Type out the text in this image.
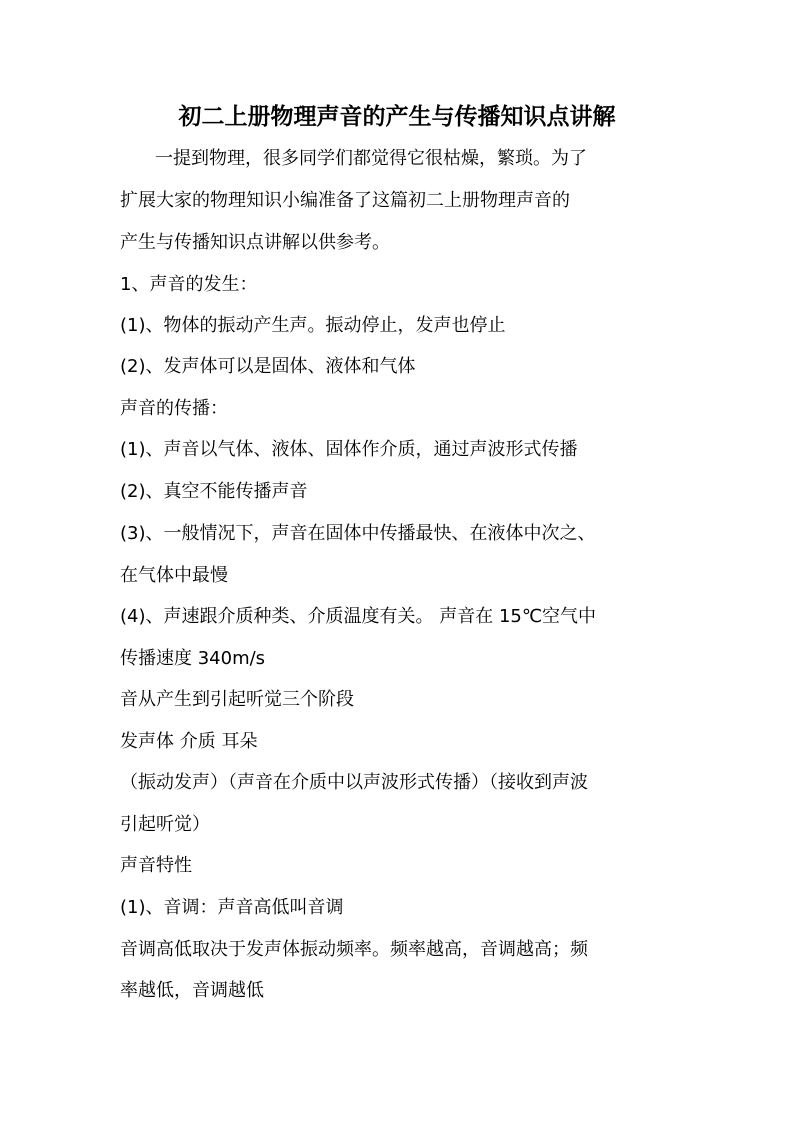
初二上册物理声音的产生与传播知识点讲解
一提到物理，很多同学们都觉得它很枯燥，繁琐。为了
扩展大家的物理知识小编准备了这篇初二上册物理声音的
产生与传播知识点讲解以供参考。
1、声音的发生：
(1)、物体的振动产生声。振动停止，发声也停止
(2)、发声体可以是固体、液体和气体
声音的传播：
(1)、声音以气体、液体、固体作介质，通过声波形式传播
(2)、真空不能传播声音
(3)、一般情况下，声音在固体中传播最快、在液体中次之、
在气体中最慢
(4)、声速跟介质种类、介质温度有关。 声音在 15℃空气中
传播速度 340m/s
音从产生到引起听觉三个阶段
发声体 介质 耳朵
（振动发声）（声音在介质中以声波形式传播）（接收到声波
引起听觉）
声音特性
(1)、音调：声音高低叫音调
音调高低取决于发声体振动频率。频率越高，音调越高；频
率越低，音调越低
